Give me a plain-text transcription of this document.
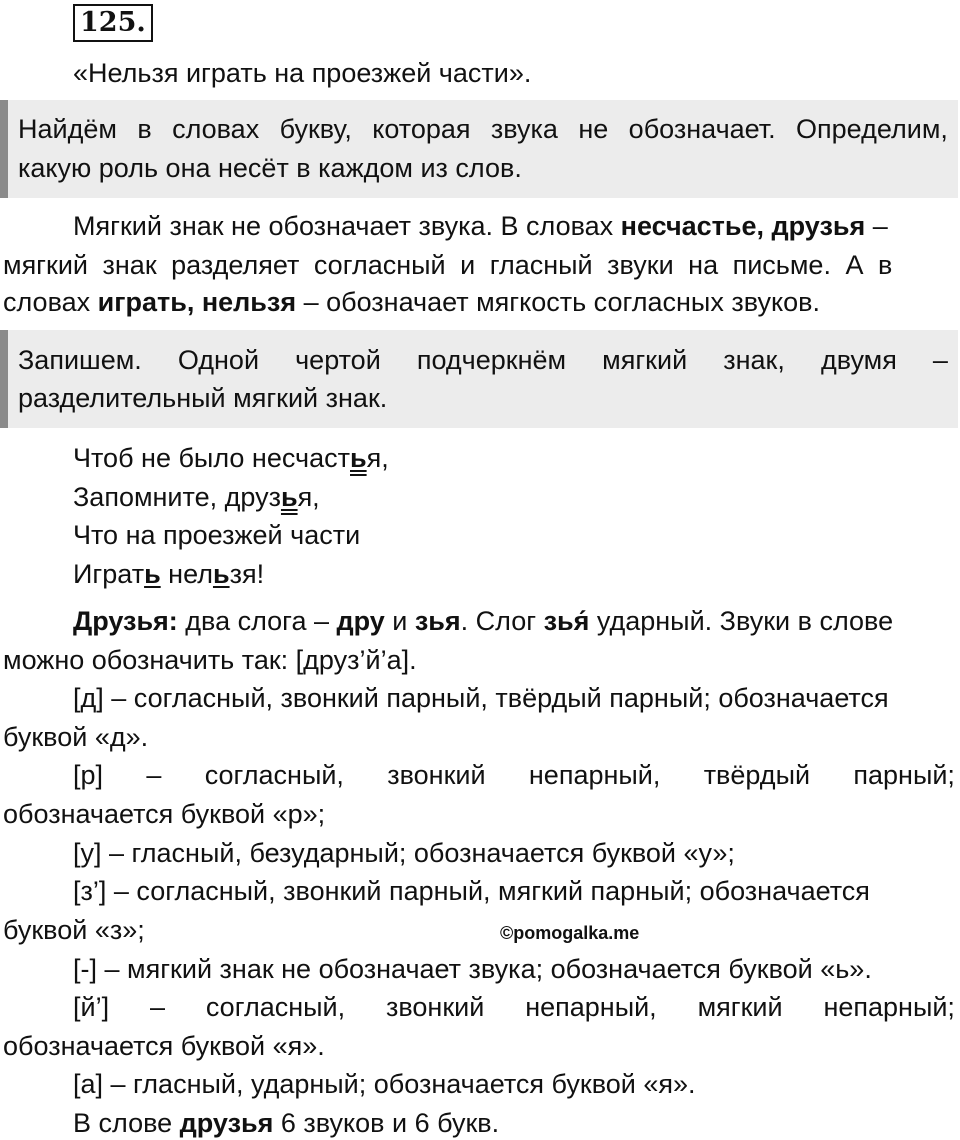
125.
«Нельзя играть на проезжей части».
Найдём в словах букву, которая звука не обозначает. Определим,
какую роль она несёт в каждом из слов.
Мягкий знак не обозначает звука. В словах несчастье, друзья –
мягкий знак разделяет согласный и гласный звуки на письме. А в
словах играть, нельзя – обозначает мягкость согласных звуков.
Запишем. Одной чертой подчеркнём мягкий знак, двумя –
разделительный мягкий знак.
Чтоб не было несчастья,
Запомните, друзья,
Что на проезжей части
Играть нельзя!
Друзья: два слога – дру и зья. Слог зья́ ударный. Звуки в слове
можно обозначить так: [друз’й’а].
[д] – согласный, звонкий парный, твёрдый парный; обозначается
буквой «д».
[р] – согласный, звонкий непарный, твёрдый парный;
обозначается буквой «р»;
[у] – гласный, безударный; обозначается буквой «у»;
[з’] – согласный, звонкий парный, мягкий парный; обозначается
буквой «з»;	©pomogalka.me
[-] – мягкий знак не обозначает звука; обозначается буквой «ь».
[й’] – согласный, звонкий непарный, мягкий непарный;
обозначается буквой «я».
[а] – гласный, ударный; обозначается буквой «я».
В слове друзья 6 звуков и 6 букв.
